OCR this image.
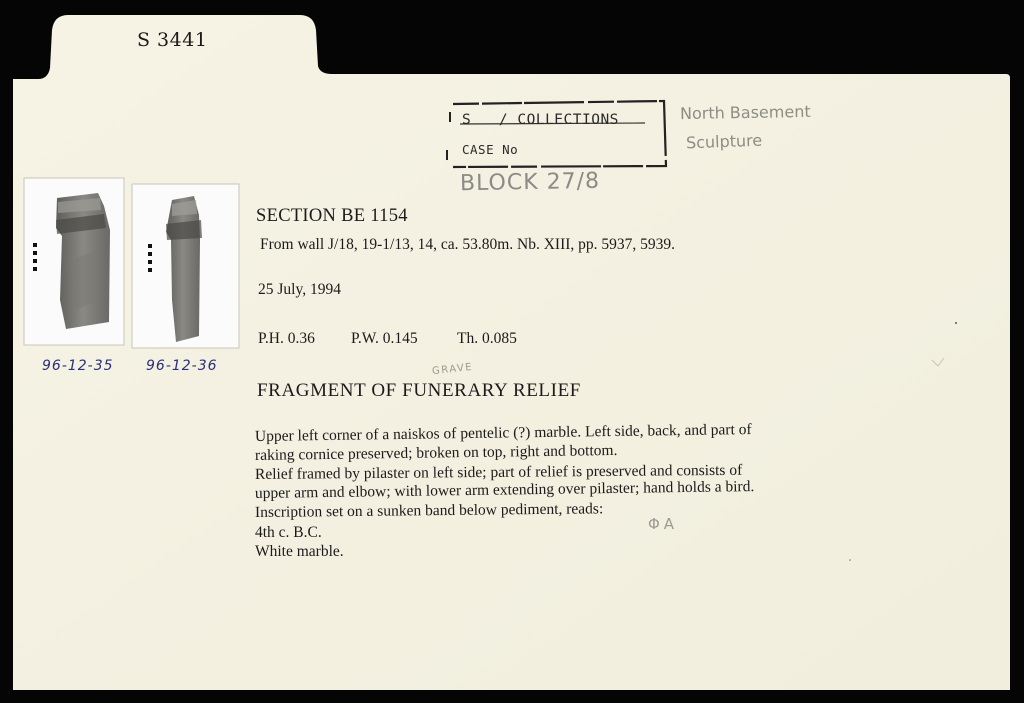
S 3441
S   / COLLECTIONS
CASE No
North Basement
Sculpture
BLOCK 27/8
SECTION BE 1154
From wall J/18, 19-1/13, 14, ca. 53.80m. Nb. XIII, pp. 5937, 5939.
25 July, 1994
P.H. 0.36 P.W. 0.145	Th. 0.085
GRAVE
FRAGMENT OF FUNERARY RELIEF
Upper left corner of a naiskos of pentelic (?) marble. Left side, back, and part of
raking cornice preserved; broken on top, right and bottom.
Relief framed by pilaster on left side; part of relief is preserved and consists of
upper arm and elbow; with lower arm extending over pilaster; hand holds a bird.
Inscription set on a sunken band below pediment, reads:
4th c. B.C.
White marble.
ΦA
96-12-35 96-12-36
